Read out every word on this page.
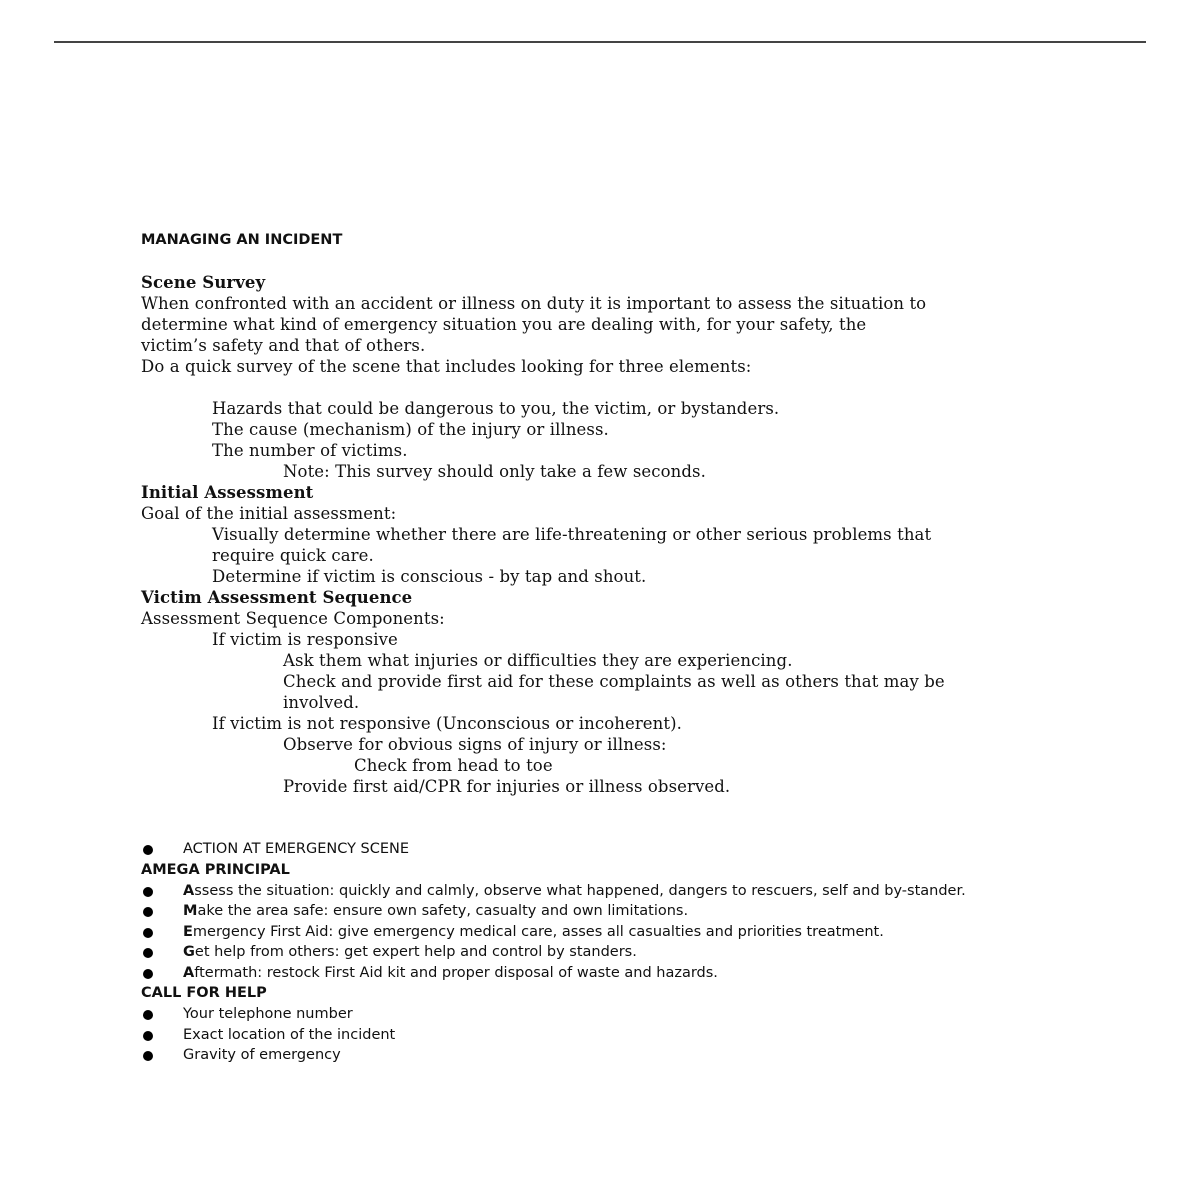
MANAGING AN INCIDENT
Scene Survey
When confronted with an accident or illness on duty it is important to assess the situation to
determine what kind of emergency situation you are dealing with, for your safety, the
victim’s safety and that of others.
Do a quick survey of the scene that includes looking for three elements:
Hazards that could be dangerous to you, the victim, or bystanders.
The cause (mechanism) of the injury or illness.
The number of victims.
Note: This survey should only take a few seconds.
Initial Assessment
Goal of the initial assessment:
Visually determine whether there are life-threatening or other serious problems that
require quick care.
Determine if victim is conscious - by tap and shout.
Victim Assessment Sequence
Assessment Sequence Components:
If victim is responsive
Ask them what injuries or difficulties they are experiencing.
Check and provide first aid for these complaints as well as others that may be
involved.
If victim is not responsive (Unconscious or incoherent).
Observe for obvious signs of injury or illness:
Check from head to toe
Provide first aid/CPR for injuries or illness observed.
ACTION AT EMERGENCY SCENE
AMEGA PRINCIPAL
Assess the situation: quickly and calmly, observe what happened, dangers to rescuers, self and by-stander.
Make the area safe: ensure own safety, casualty and own limitations.
Emergency First Aid: give emergency medical care, asses all casualties and priorities treatment.
Get help from others: get expert help and control by standers.
Aftermath: restock First Aid kit and proper disposal of waste and hazards.
CALL FOR HELP
Your telephone number
Exact location of the incident
Gravity of emergency
